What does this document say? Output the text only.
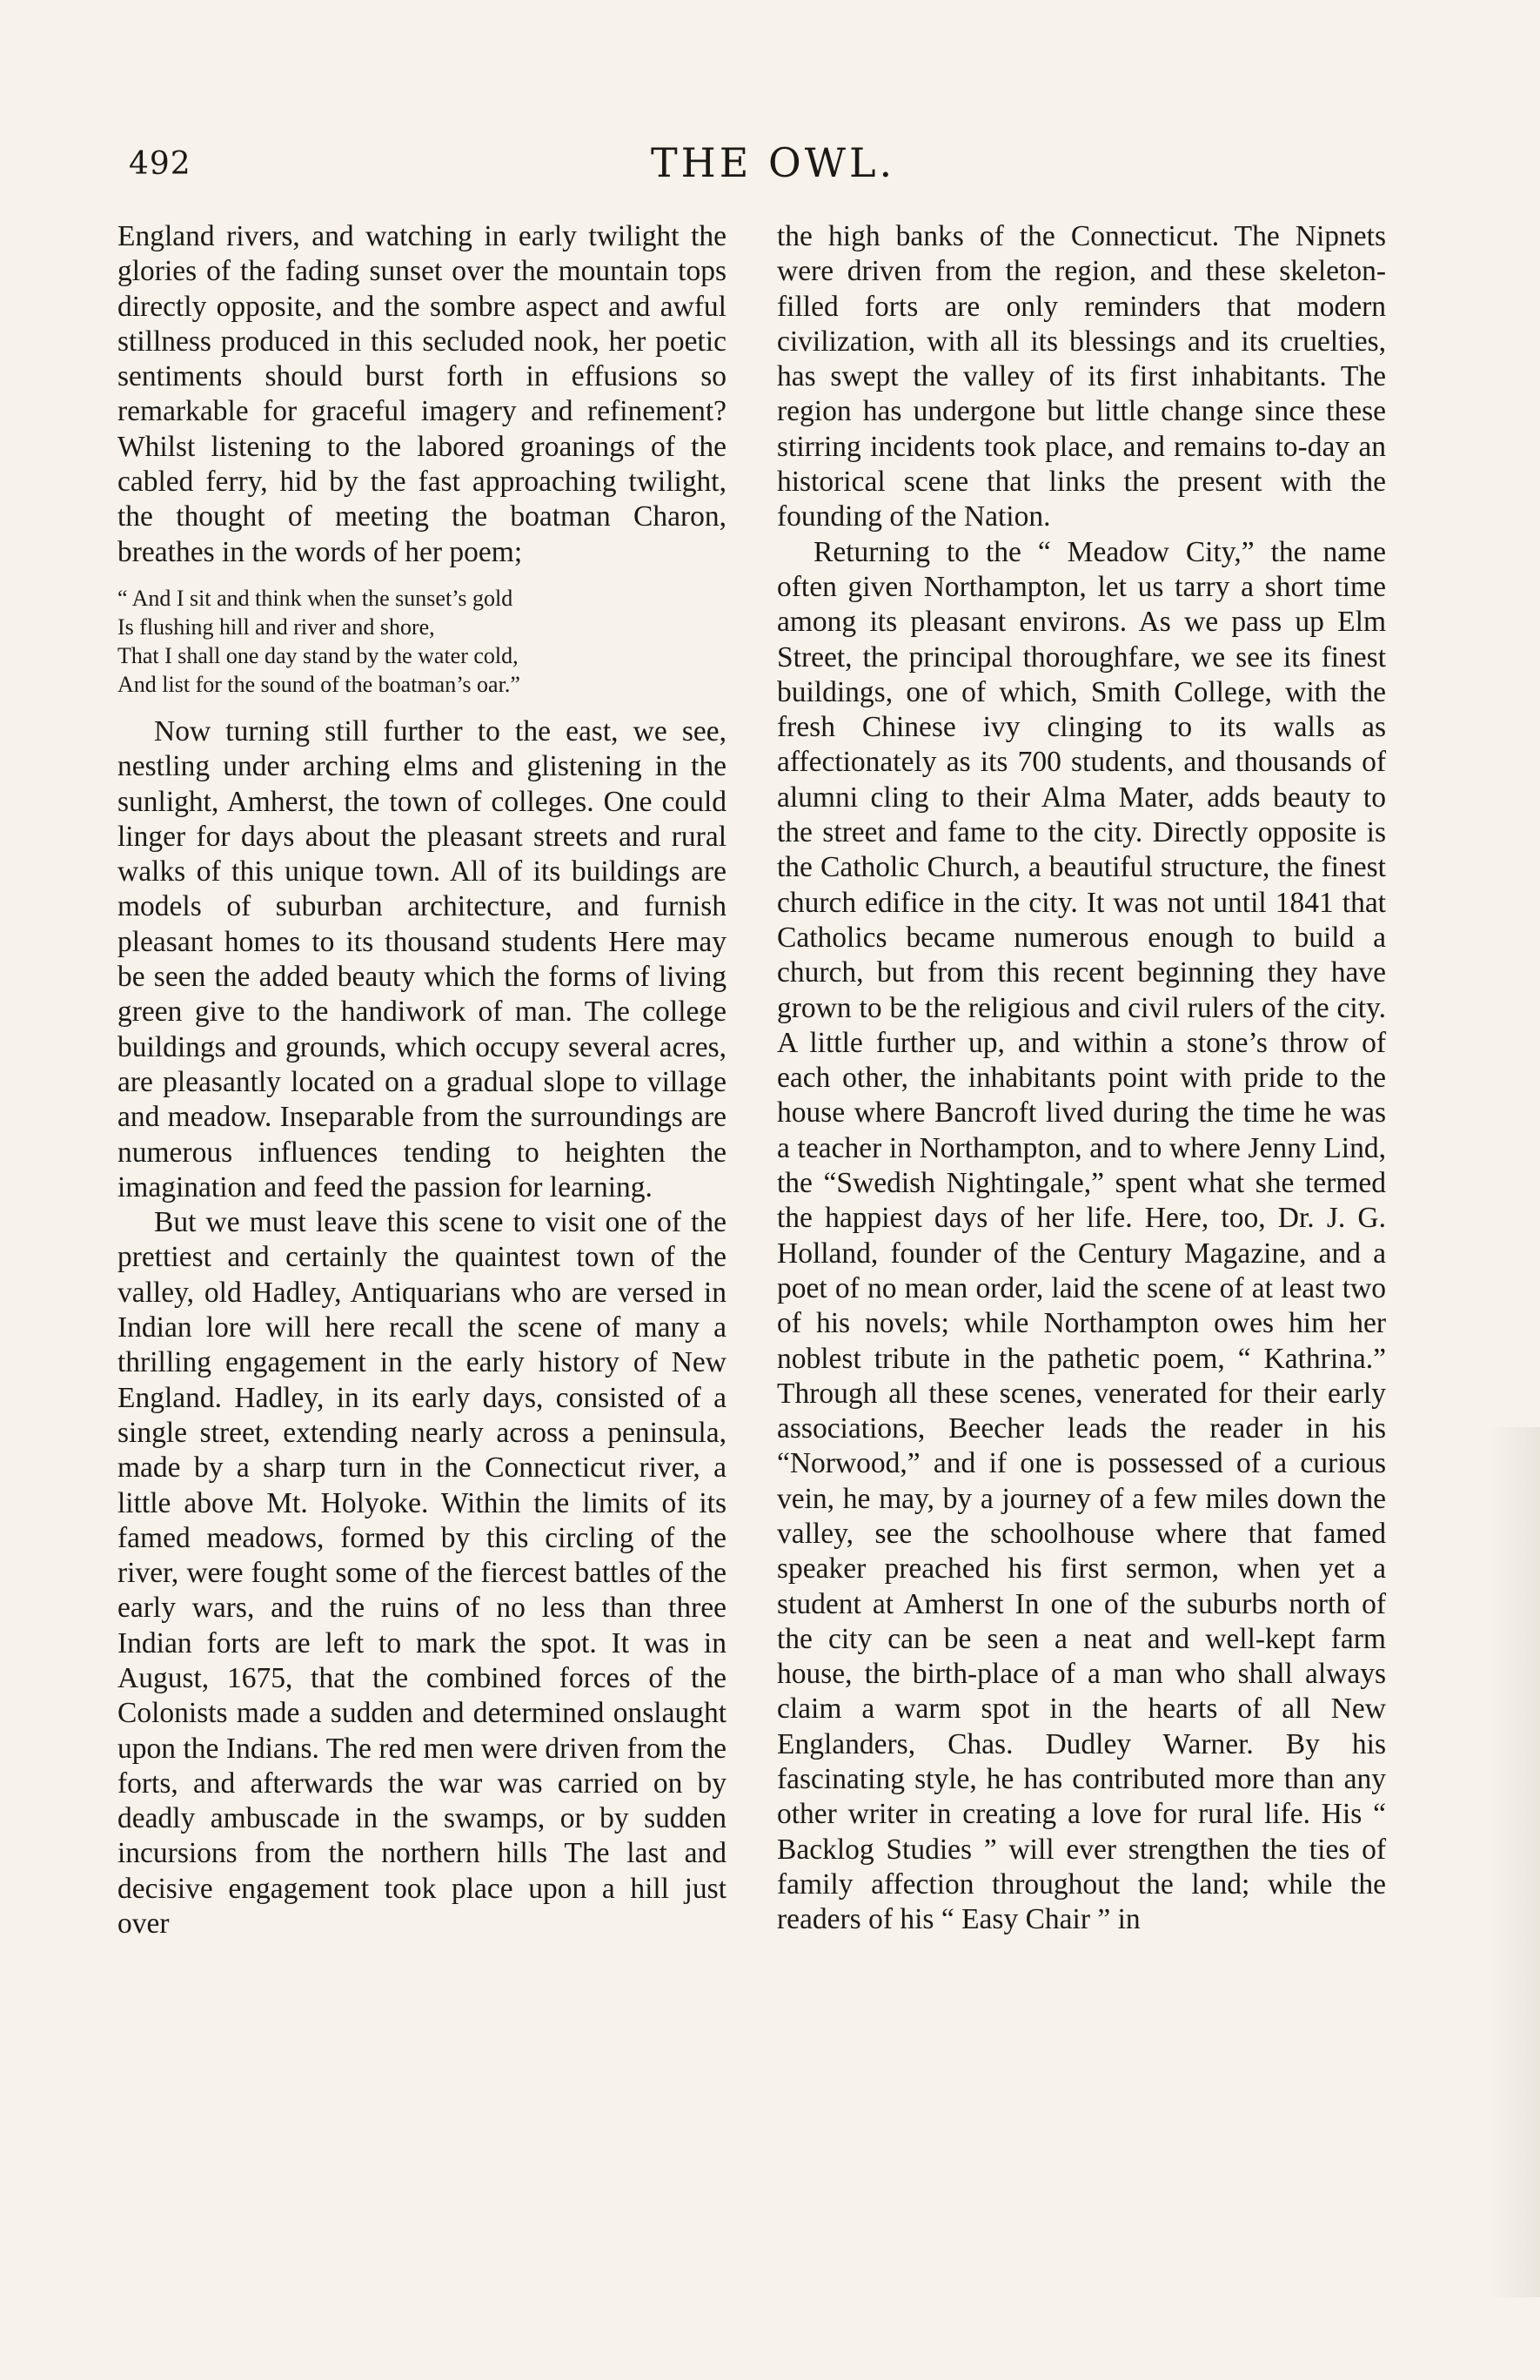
492	THE OWL.

England rivers, and watching in early twilight the glories of the fading sunset over the mountain tops directly opposite, and the sombre aspect and awful stillness produced in this secluded nook, her poetic sentiments should burst forth in effusions so remarkable for graceful imagery and refinement? Whilst listening to the labored groanings of the cabled ferry, hid by the fast approaching twilight, the thought of meeting the boatman Charon, breathes in the words of her poem;

“ And I sit and think when the sunset’s gold
Is flushing hill and river and shore,
That I shall one day stand by the water cold,
And list for the sound of the boatman’s oar.”

Now turning still further to the east, we see, nestling under arching elms and glistening in the sunlight, Amherst, the town of colleges. One could linger for days about the pleasant streets and rural walks of this unique town. All of its buildings are models of suburban architecture, and furnish pleasant homes to its thousand students Here may be seen the added beauty which the forms of living green give to the handiwork of man. The college buildings and grounds, which occupy several acres, are pleasantly located on a gradual slope to village and meadow. Inseparable from the surroundings are numerous influences tending to heighten the imagination and feed the passion for learning.

But we must leave this scene to visit one of the prettiest and certainly the quaintest town of the valley, old Hadley, Antiquarians who are versed in Indian lore will here recall the scene of many a thrilling engagement in the early history of New England. Hadley, in its early days, consisted of a single street, extending nearly across a peninsula, made by a sharp turn in the Connecticut river, a little above Mt. Holyoke. Within the limits of its famed meadows, formed by this circling of the river, were fought some of the fiercest battles of the early wars, and the ruins of no less than three Indian forts are left to mark the spot. It was in August, 1675, that the combined forces of the Colonists made a sudden and determined onslaught upon the Indians. The red men were driven from the forts, and afterwards the war was carried on by deadly ambuscade in the swamps, or by sudden incursions from the northern hills The last and decisive engagement took place upon a hill just over

the high banks of the Connecticut. The Nipnets were driven from the region, and these skeleton-filled forts are only reminders that modern civilization, with all its blessings and its cruelties, has swept the valley of its first inhabitants. The region has undergone but little change since these stirring incidents took place, and remains to-day an historical scene that links the present with the founding of the Nation.

Returning to the “ Meadow City,” the name often given Northampton, let us tarry a short time among its pleasant environs. As we pass up Elm Street, the principal thoroughfare, we see its finest buildings, one of which, Smith College, with the fresh Chinese ivy clinging to its walls as affectionately as its 700 students, and thousands of alumni cling to their Alma Mater, adds beauty to the street and fame to the city. Directly opposite is the Catholic Church, a beautiful structure, the finest church edifice in the city. It was not until 1841 that Catholics became numerous enough to build a church, but from this recent beginning they have grown to be the religious and civil rulers of the city. A little further up, and within a stone’s throw of each other, the inhabitants point with pride to the house where Bancroft lived during the time he was a teacher in Northampton, and to where Jenny Lind, the “Swedish Nightingale,” spent what she termed the happiest days of her life. Here, too, Dr. J. G. Holland, founder of the Century Magazine, and a poet of no mean order, laid the scene of at least two of his novels; while Northampton owes him her noblest tribute in the pathetic poem, “ Kathrina.” Through all these scenes, venerated for their early associations, Beecher leads the reader in his “Norwood,” and if one is possessed of a curious vein, he may, by a journey of a few miles down the valley, see the schoolhouse where that famed speaker preached his first sermon, when yet a student at Amherst In one of the suburbs north of the city can be seen a neat and well-kept farm house, the birth-place of a man who shall always claim a warm spot in the hearts of all New Englanders, Chas. Dudley Warner. By his fascinating style, he has contributed more than any other writer in creating a love for rural life. His “ Backlog Studies ” will ever strengthen the ties of family affection throughout the land; while the readers of his “ Easy Chair ” in
